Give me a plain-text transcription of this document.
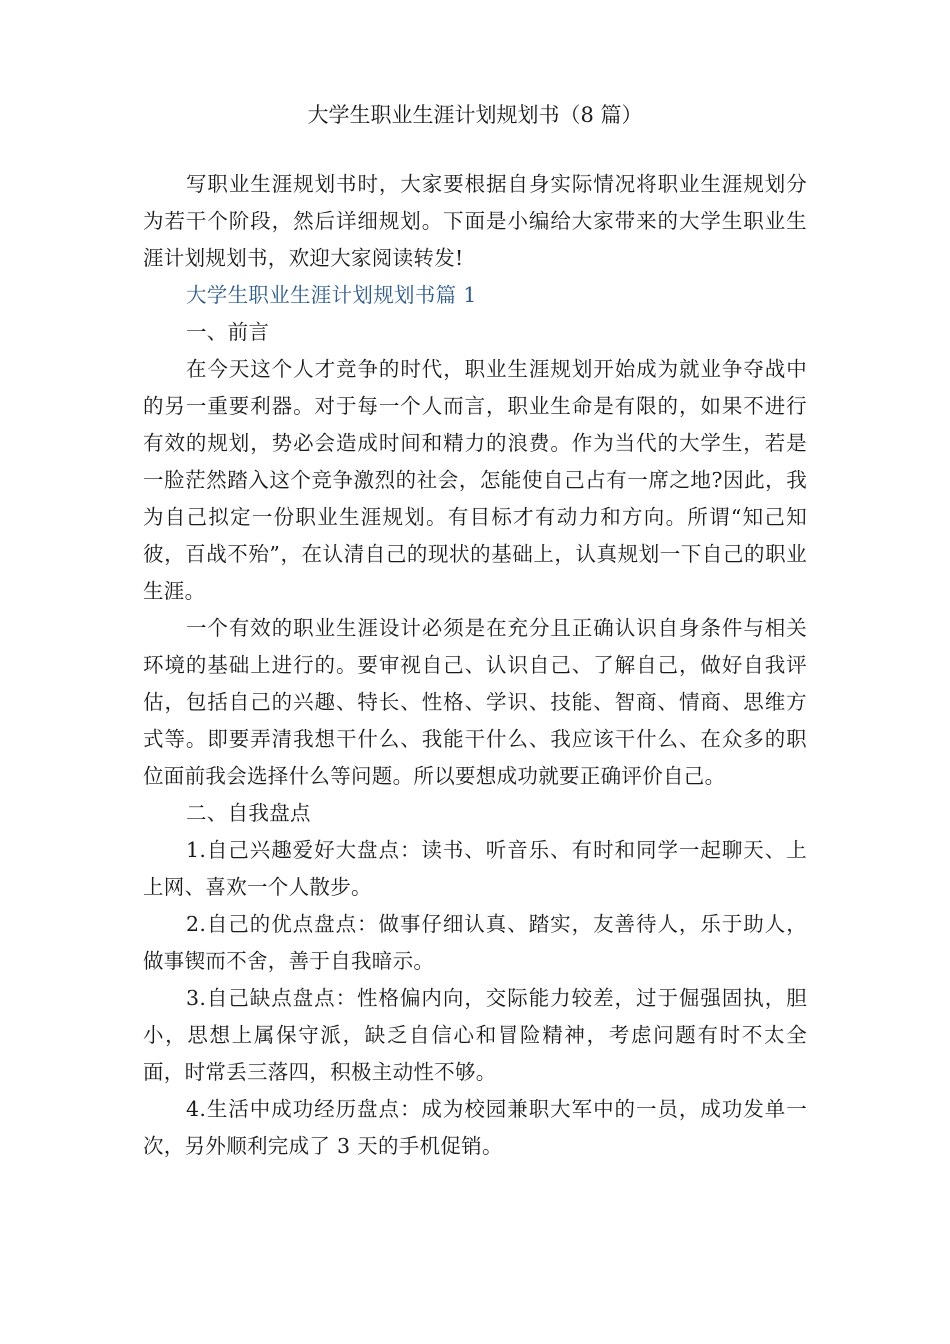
大学生职业生涯计划规划书（8 篇）

写职业生涯规划书时，大家要根据自身实际情况将职业生涯规划分为若干个阶段，然后详细规划。下面是小编给大家带来的大学生职业生涯计划规划书，欢迎大家阅读转发!

大学生职业生涯计划规划书篇 1

一、前言

在今天这个人才竞争的时代，职业生涯规划开始成为就业争夺战中的另一重要利器。对于每一个人而言，职业生命是有限的，如果不进行有效的规划，势必会造成时间和精力的浪费。作为当代的大学生，若是一脸茫然踏入这个竞争激烈的社会，怎能使自己占有一席之地?因此，我为自己拟定一份职业生涯规划。有目标才有动力和方向。所谓“知己知彼，百战不殆”，在认清自己的现状的基础上，认真规划一下自己的职业生涯。

一个有效的职业生涯设计必须是在充分且正确认识自身条件与相关环境的基础上进行的。要审视自己、认识自己、了解自己，做好自我评估，包括自己的兴趣、特长、性格、学识、技能、智商、情商、思维方式等。即要弄清我想干什么、我能干什么、我应该干什么、在众多的职位面前我会选择什么等问题。所以要想成功就要正确评价自己。

二、自我盘点

1.自己兴趣爱好大盘点：读书、听音乐、有时和同学一起聊天、上上网、喜欢一个人散步。

2.自己的优点盘点：做事仔细认真、踏实，友善待人，乐于助人，做事锲而不舍，善于自我暗示。

3.自己缺点盘点：性格偏内向，交际能力较差，过于倔强固执，胆小，思想上属保守派，缺乏自信心和冒险精神，考虑问题有时不太全面，时常丢三落四，积极主动性不够。

4.生活中成功经历盘点：成为校园兼职大军中的一员，成功发单一次，另外顺利完成了 3 天的手机促销。
